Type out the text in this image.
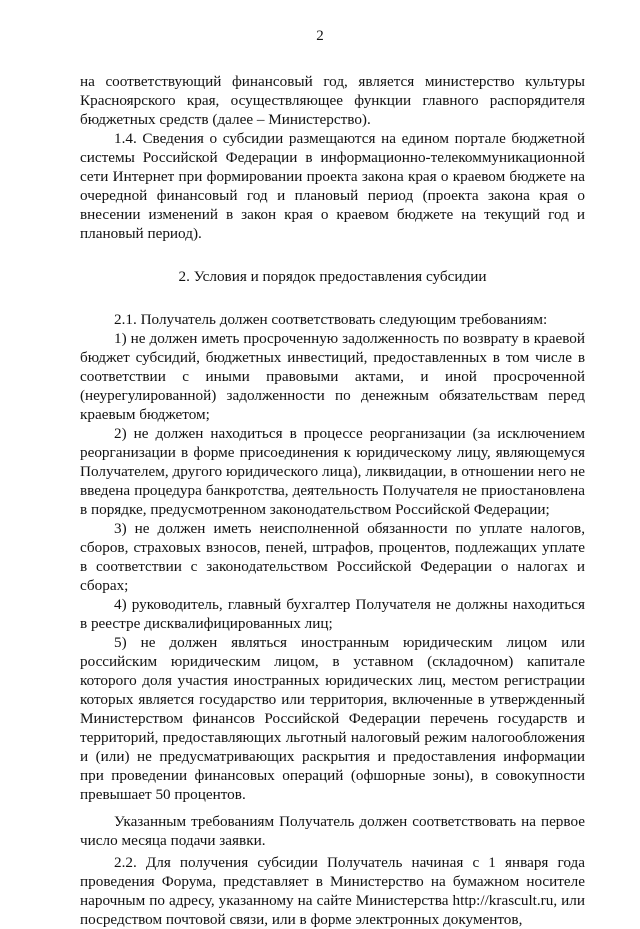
2

на соответствующий финансовый год, является министерство культуры Красноярского края, осуществляющее функции главного распорядителя бюджетных средств (далее – Министерство).

1.4. Сведения о субсидии размещаются на едином портале бюджетной системы Российской Федерации в информационно-телекоммуникационной сети Интернет при формировании проекта закона края о краевом бюджете на очередной финансовый год и плановый период (проекта закона края о внесении изменений в закон края о краевом бюджете на текущий год и плановый период).

2. Условия и порядок предоставления субсидии

2.1. Получатель должен соответствовать следующим требованиям:

1) не должен иметь просроченную задолженность по возврату в краевой бюджет субсидий, бюджетных инвестиций, предоставленных в том числе в соответствии с иными правовыми актами, и иной просроченной (неурегулированной) задолженности по денежным обязательствам перед краевым бюджетом;

2) не должен находиться в процессе реорганизации (за исключением реорганизации в форме присоединения к юридическому лицу, являющемуся Получателем, другого юридического лица), ликвидации, в отношении него не введена процедура банкротства, деятельность Получателя не приостановлена в порядке, предусмотренном законодательством Российской Федерации;

3) не должен иметь неисполненной обязанности по уплате налогов, сборов, страховых взносов, пеней, штрафов, процентов, подлежащих уплате в соответствии с законодательством Российской Федерации о налогах и сборах;

4) руководитель, главный бухгалтер Получателя не должны находиться в реестре дисквалифицированных лиц;

5) не должен являться иностранным юридическим лицом или российским юридическим лицом, в уставном (складочном) капитале которого доля участия иностранных юридических лиц, местом регистрации которых является государство или территория, включенные в утвержденный Министерством финансов Российской Федерации перечень государств и территорий, предоставляющих льготный налоговый режим налогообложения и (или) не предусматривающих раскрытия и предоставления информации при проведении финансовых операций (офшорные зоны), в совокупности превышает 50 процентов.

Указанным требованиям Получатель должен соответствовать на первое число месяца подачи заявки.

2.2. Для получения субсидии Получатель начиная с 1 января года проведения Форума, представляет в Министерство на бумажном носителе нарочным по адресу, указанному на сайте Министерства http://krascult.ru, или посредством почтовой связи, или в форме электронных документов,
